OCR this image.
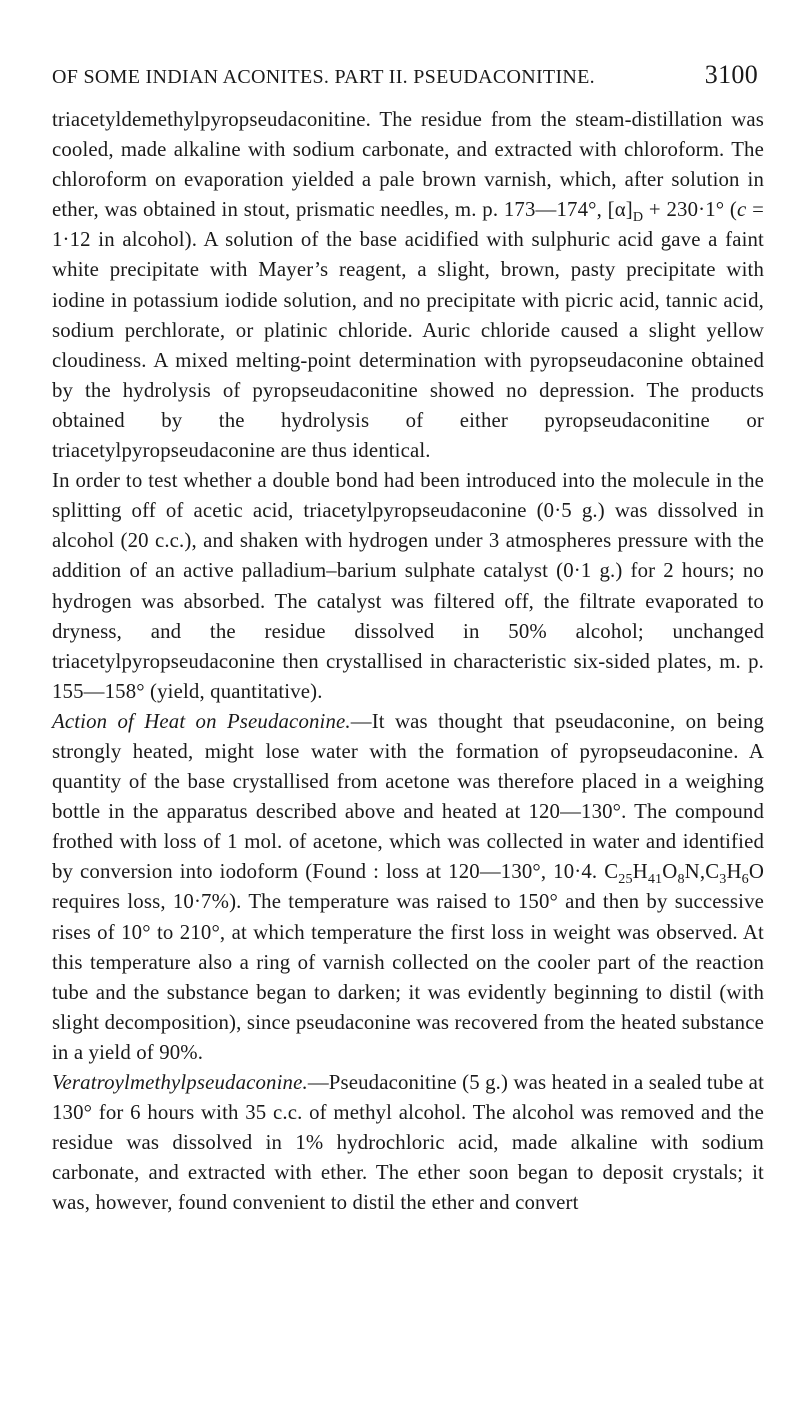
OF SOME INDIAN ACONITES. PART II. PSEUDACONITINE.	3100

triacetyldemethylpyropseudaconitine. The residue from the steam-distillation was cooled, made alkaline with sodium carbonate, and extracted with chloroform. The chloroform on evaporation yielded a pale brown varnish, which, after solution in ether, was obtained in stout, prismatic needles, m. p. 173—174°, $[\alpha]_D + 230\cdot 1^\circ$ (c = 1·12 in alcohol). A solution of the base acidified with sulphuric acid gave a faint white precipitate with Mayer’s reagent, a slight, brown, pasty precipitate with iodine in potassium iodide solution, and no precipitate with picric acid, tannic acid, sodium perchlorate, or platinic chloride. Auric chloride caused a slight yellow cloudiness. A mixed melting-point determination with pyropseudaconine obtained by the hydrolysis of pyropseudaconitine showed no depression. The products obtained by the hydrolysis of either pyropseudaconitine or triacetylpyropseudaconine are thus identical.

In order to test whether a double bond had been introduced into the molecule in the splitting off of acetic acid, triacetylpyropseudaconine (0·5 g.) was dissolved in alcohol (20 c.c.), and shaken with hydrogen under 3 atmospheres pressure with the addition of an active palladium–barium sulphate catalyst (0·1 g.) for 2 hours; no hydrogen was absorbed. The catalyst was filtered off, the filtrate evaporated to dryness, and the residue dissolved in 50% alcohol; unchanged triacetylpyropseudaconine then crystallised in characteristic six-sided plates, m. p. 155—158° (yield, quantitative).

Action of Heat on Pseudaconine.—It was thought that pseudaconine, on being strongly heated, might lose water with the formation of pyropseudaconine. A quantity of the base crystallised from acetone was therefore placed in a weighing bottle in the apparatus described above and heated at 120—130°. The compound frothed with loss of 1 mol. of acetone, which was collected in water and identified by conversion into iodoform (Found : loss at 120—130°, 10·4. $C_{25}H_{41}O_8N,C_3H_6O$ requires loss, 10·7%). The temperature was raised to 150° and then by successive rises of 10° to 210°, at which temperature the first loss in weight was observed. At this temperature also a ring of varnish collected on the cooler part of the reaction tube and the substance began to darken; it was evidently beginning to distil (with slight decomposition), since pseudaconine was recovered from the heated substance in a yield of 90%.

Veratroylmethylpseudaconine.—Pseudaconitine (5 g.) was heated in a sealed tube at 130° for 6 hours with 35 c.c. of methyl alcohol. The alcohol was removed and the residue was dissolved in 1% hydrochloric acid, made alkaline with sodium carbonate, and extracted with ether. The ether soon began to deposit crystals; it was, however, found convenient to distil the ether and convert
